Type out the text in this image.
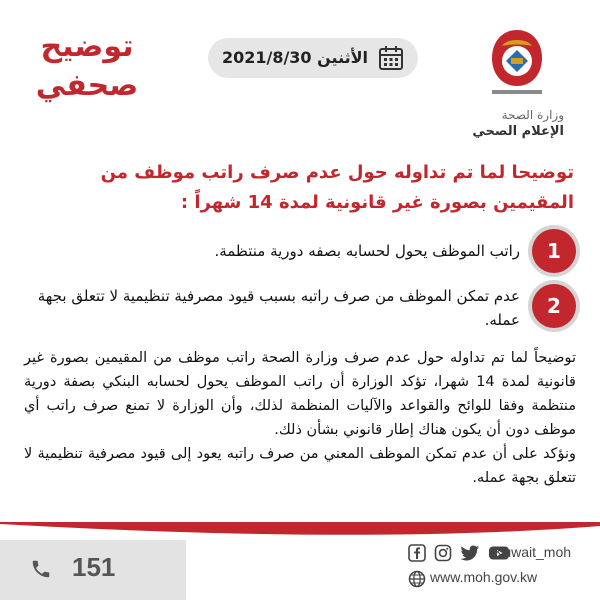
توضيح
صحفي
الأثنين 2021/8/30
وزارة الصحة
الإعلام الصحي
توضيحا لما تم تداوله حول عدم صرف راتب موظف من المقيمين بصورة غير قانونية لمدة 14 شهراً :
1
راتب الموظف يحول لحسابه بصفه دورية منتظمة.
2
عدم تمكن الموظف من صرف راتبه بسبب قيود مصرفية تنظيمية لا تتعلق بجهة عمله.

توضيحاً لما تم تداوله حول عدم صرف وزارة الصحة راتب موظف من المقيمين بصورة غير قانونية لمدة 14 شهرا، تؤكد الوزارة أن راتب الموظف يحول لحسابه البنكي بصفة دورية منتظمة وفقا للوائح والقواعد والآليات المنظمة لذلك، وأن الوزارة لا تمنع صرف راتب أي موظف دون أن يكون هناك إطار قانوني بشأن ذلك.

ونؤكد على أن عدم تمكن الموظف المعني من صرف راتبه يعود إلى قيود مصرفية تنظيمية لا تتعلق بجهة عمله.

151
	Kuwait_moh
www.moh.gov.kw
